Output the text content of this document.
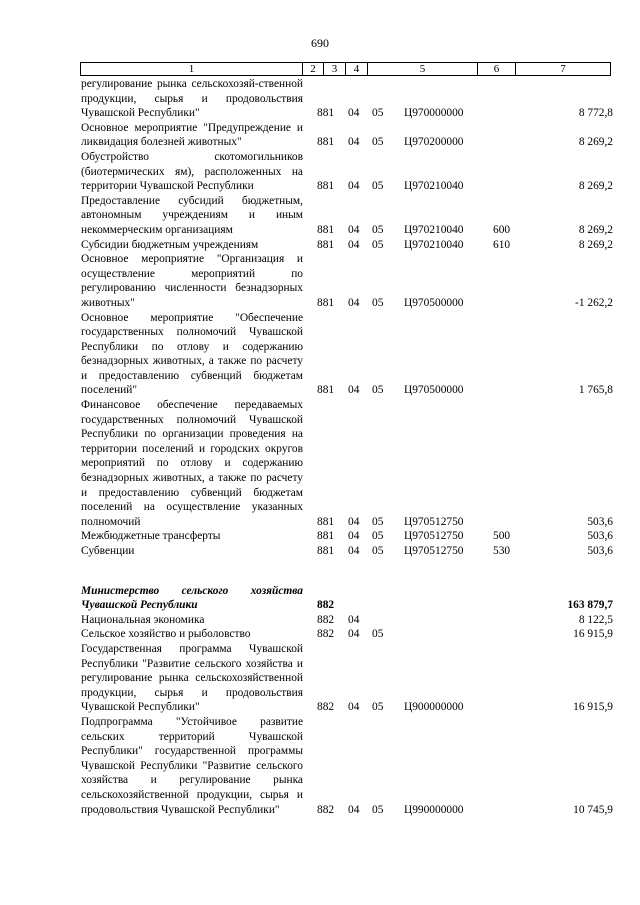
690
1	2	3	4	5	6	7
регулирование рынка сельскохозяй-ственной продукции, сырья и продовольствия Чувашской Республики"	881 04 05 Ц970000000	8 772,8
Основное мероприятие "Предупреждение и ликвидация болезней животных"	881 04 05 Ц970200000	8 269,2
Обустройство скотомогильников (биотермических ям), расположенных на территории Чувашской Республики	881 04 05 Ц970210040	8 269,2
Предоставление субсидий бюджетным, автономным учреждениям и иным некоммерческим организациям	881 04 05 Ц970210040	600	8 269,2
Субсидии бюджетным учреждениям	881 04 05 Ц970210040	610	8 269,2
Основное мероприятие "Организация и осуществление мероприятий по регулированию численности безнадзорных животных"	881 04 05 Ц970500000	-1 262,2
Основное мероприятие "Обеспечение государственных полномочий Чувашской Республики по отлову и содержанию безнадзорных животных, а также по расчету и предоставлению субвенций бюджетам поселений"	881 04 05 Ц970500000	1 765,8
Финансовое обеспечение передаваемых государственных полномочий Чувашской Республики по организации проведения на территории поселений и городских округов мероприятий по отлову и содержанию безнадзорных животных, а также по расчету и предоставлению субвенций бюджетам поселений на осуществление указанных полномочий	881 04 05 Ц970512750	503,6
Межбюджетные трансферты	881 04 05 Ц970512750	500	503,6
Субвенции	881 04 05 Ц970512750	530	503,6
Министерство сельского хозяйства Чувашской Республики	882	163 879,7
Национальная экономика	882 04	8 122,5
Сельское хозяйство и рыболовство	882 04 05	16 915,9
Государственная программа Чувашской Республики "Развитие сельского хозяйства и регулирование рынка сельскохозяйственной продукции, сырья и продовольствия Чувашской Республики"	882 04 05 Ц900000000	16 915,9
Подпрограмма "Устойчивое развитие сельских территорий Чувашской Республики" государственной программы Чувашской Республики "Развитие сельского хозяйства и регулирование рынка сельскохозяйственной продукции, сырья и продовольствия Чувашской Республики"	882 04 05 Ц990000000	10 745,9
